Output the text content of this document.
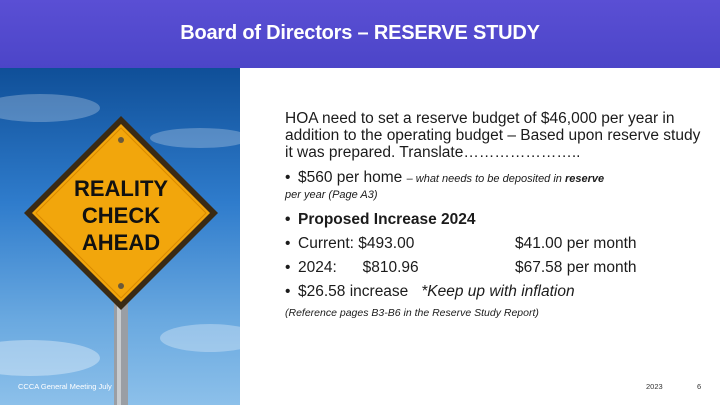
Board of Directors – RESERVE STUDY
REALITY
CHECK
AHEAD

HOA need to set a reserve budget of $46,000 per year in addition to the operating budget – Based upon reserve study it was prepared. Translate…………………..

• $560 per home – what needs to be deposited in reserve
per year (Page A3)
• Proposed Increase 2024
• Current: $493.00	$41.00 per month
• 2024:      $810.96	$67.58 per month
• $26.58 increase *Keep up with inflation
(Reference pages B3-B6 in the Reserve Study Report)
CCCA General Meeting July	2023	6
